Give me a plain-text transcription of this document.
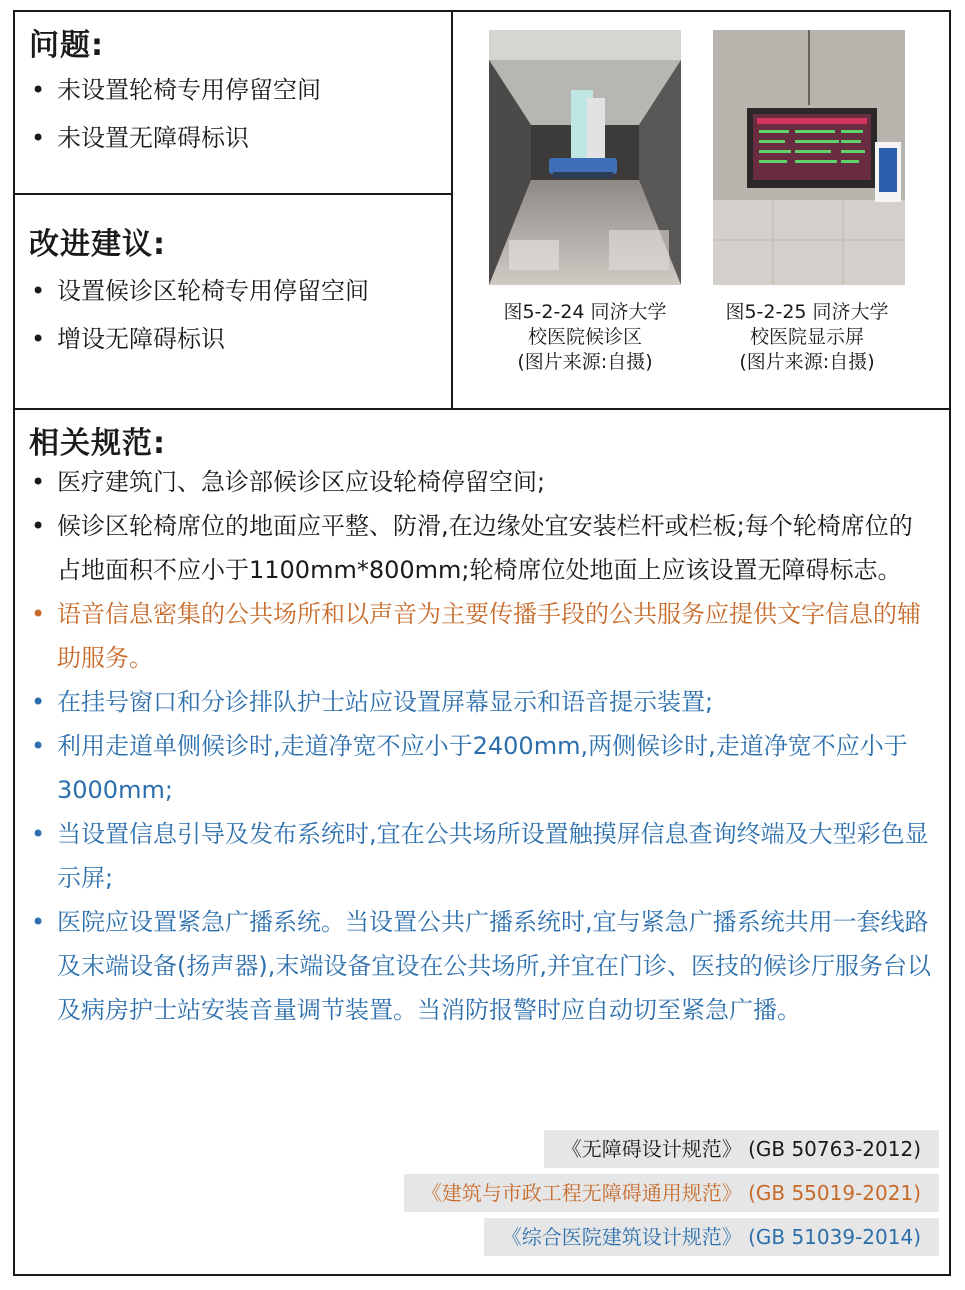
问题:
• 未设置轮椅专用停留空间
• 未设置无障碍标识
改进建议:
• 设置候诊区轮椅专用停留空间
• 增设无障碍标识
图5-2-24 同济大学
校医院候诊区
(图片来源:自摄)
图5-2-25 同济大学
校医院显示屏
(图片来源:自摄)
相关规范:
• 医疗建筑门、急诊部候诊区应设轮椅停留空间;
• 候诊区轮椅席位的地面应平整、防滑,在边缘处宜安装栏杆或栏板;每个轮椅席位的占地面积不应小于1100mm*800mm;轮椅席位处地面上应该设置无障碍标志。
• 语音信息密集的公共场所和以声音为主要传播手段的公共服务应提供文字信息的辅助服务。
• 在挂号窗口和分诊排队护士站应设置屏幕显示和语音提示装置;
• 利用走道单侧候诊时,走道净宽不应小于2400mm,两侧候诊时,走道净宽不应小于3000mm;
• 当设置信息引导及发布系统时,宜在公共场所设置触摸屏信息查询终端及大型彩色显示屏;
• 医院应设置紧急广播系统。当设置公共广播系统时,宜与紧急广播系统共用一套线路及末端设备(扬声器),末端设备宜设在公共场所,并宜在门诊、医技的候诊厅服务台以及病房护士站安装音量调节装置。当消防报警时应自动切至紧急广播。
《无障碍设计规范》 (GB 50763-2012)
《建筑与市政工程无障碍通用规范》 (GB 55019-2021)
《综合医院建筑设计规范》 (GB 51039-2014)
